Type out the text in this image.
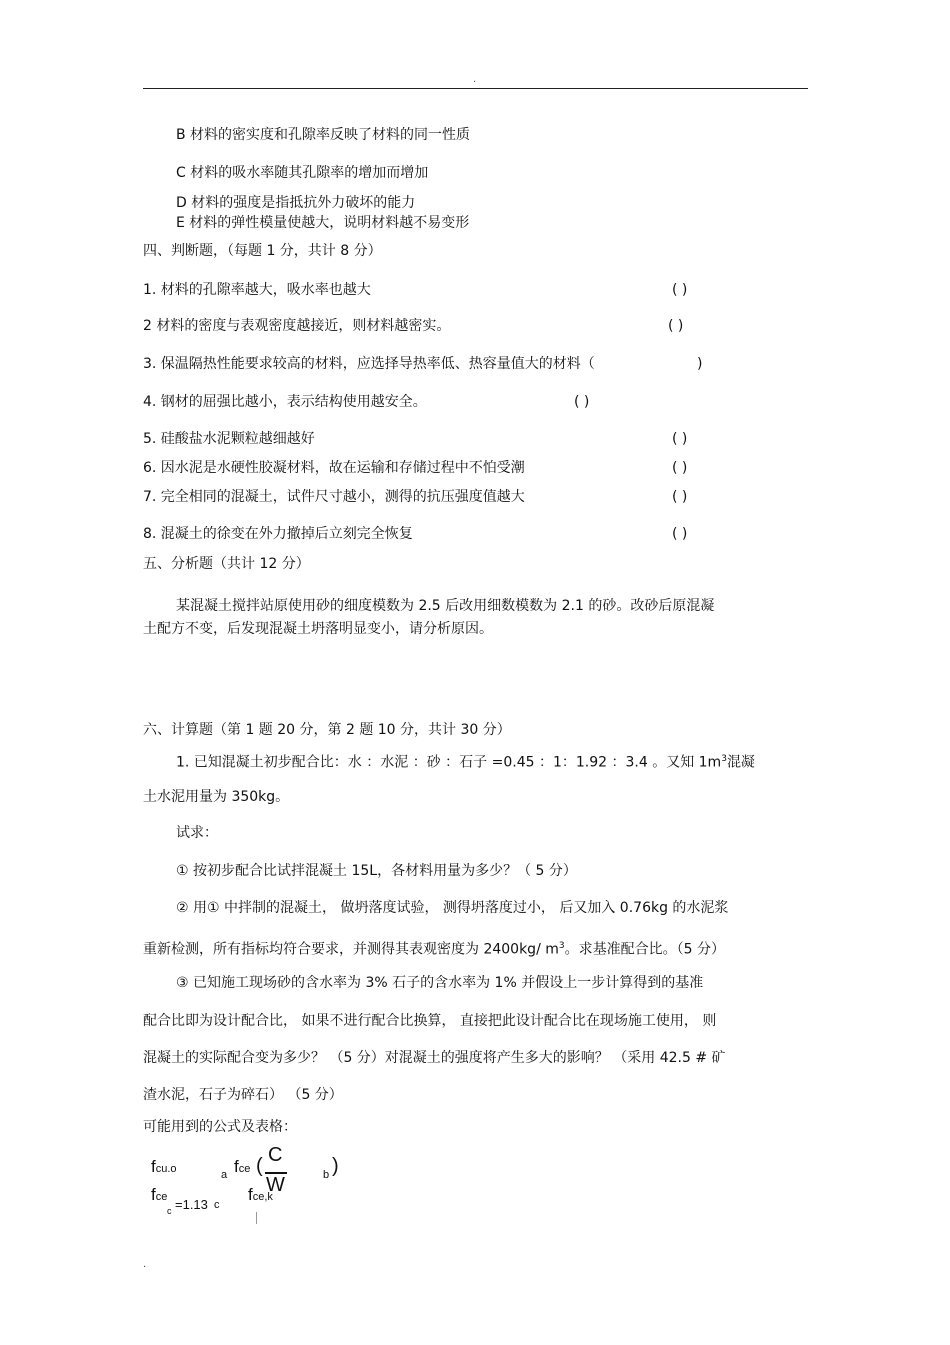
.
B 材料的密实度和孔隙率反映了材料的同一性质
C 材料的吸水率随其孔隙率的增加而增加
D 材料的强度是指抵抗外力破坏的能力
E 材料的弹性模量使越大，说明材料越不易变形
四、判断题，（每题 1 分，共计 8 分）
1. 材料的孔隙率越大，吸水率也越大	( )
2 材料的密度与表观密度越接近，则材料越密实。	( )
3. 保温隔热性能要求较高的材料，应选择导热率低、热容量值大的材料（	)
4. 钢材的屈强比越小，表示结构使用越安全。	( )
5. 硅酸盐水泥颗粒越细越好	( )
6. 因水泥是水硬性胶凝材料，故在运输和存储过程中不怕受潮	( )
7. 完全相同的混凝土，试件尺寸越小，测得的抗压强度值越大	( )
8. 混凝土的徐变在外力撤掉后立刻完全恢复	( )
五、分析题（共计 12 分）
某混凝土搅拌站原使用砂的细度模数为 2.5 后改用细数模数为 2.1 的砂。改砂后原混凝
土配方不变，后发现混凝土坍落明显变小，请分析原因。
六、计算题（第 1 题 20 分，第 2 题 10 分，共计 30 分）
1. 已知混凝土初步配合比：水 ：水泥 ：砂 ：石子 =0.45 ：1：1.92 ：3.4 。又知 $1m^3$混凝
土水泥用量为 350kg。
试求：
① 按初步配合比试拌混凝土 15L，各材料用量为多少？（ 5 分）
② 用① 中拌制的混凝土， 做坍落度试验， 测得坍落度过小， 后又加入 0.76kg 的水泥浆
重新检测，所有指标均符合要求，并测得其表观密度为 2400kg/ $m^3$。求基准配合比。（5 分）
③ 已知施工现场砂的含水率为 3% 石子的含水率为 1% 并假设上一步计算得到的基准
配合比即为设计配合比， 如果不进行配合比换算， 直接把此设计配合比在现场施工使用， 则
混凝土的实际配合变为多少？ （5 分）对混凝土的强度将产生多大的影响？ （采用 42.5 # 矿
渣水泥，石子为碎石） （5 分）
可能用到的公式及表格：
fcu.o	a fce ( C
W	b )
fce
c =1.13 c
fce,k
.
